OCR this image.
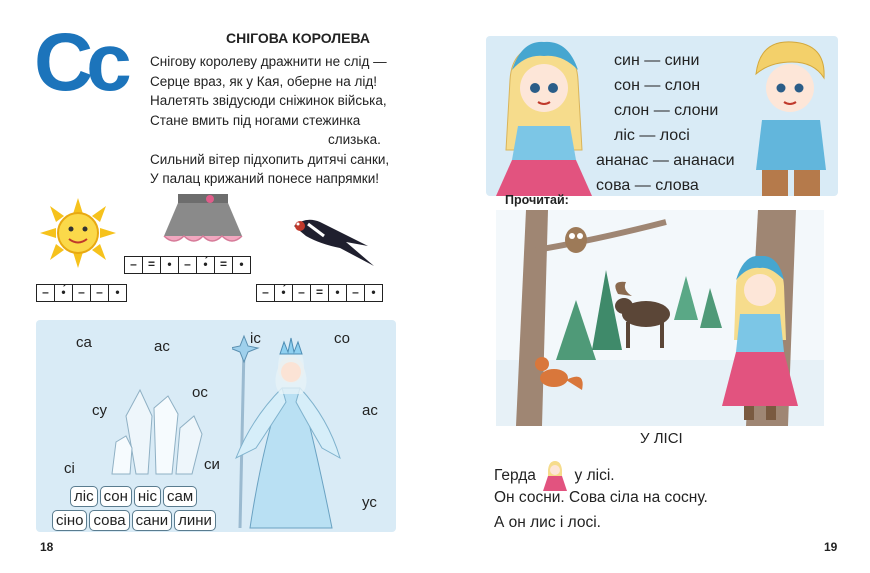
Сс	СНІГОВА КОРОЛЕВА
Снігову королеву дражнити не слід —
Серце враз, як у Кая, оберне на лід!
Налетять звідусюди сніжинок війська,
Стане вмить під ногами стежинка
слизька.
Сильний вітер підхопить дитячі санки,
У палац крижаний понесе напрямки!
–	•́	– –	•
– =	•	–	•́	=	•
–	•́	– =	•	–	•
са	ас	іс	со
ос
су	ас
сі	си
ус
ліс сон ніс сам
сіно сова сани лини
18
син — сини
сон — слон
слон — слони
ліс — лосі
ананас — ананаси
сова — слова
Прочитай:
У ЛІСІ
Герда у лісі.
Он сосни. Сова сіла на сосну.
А он лис і лосі.
19
